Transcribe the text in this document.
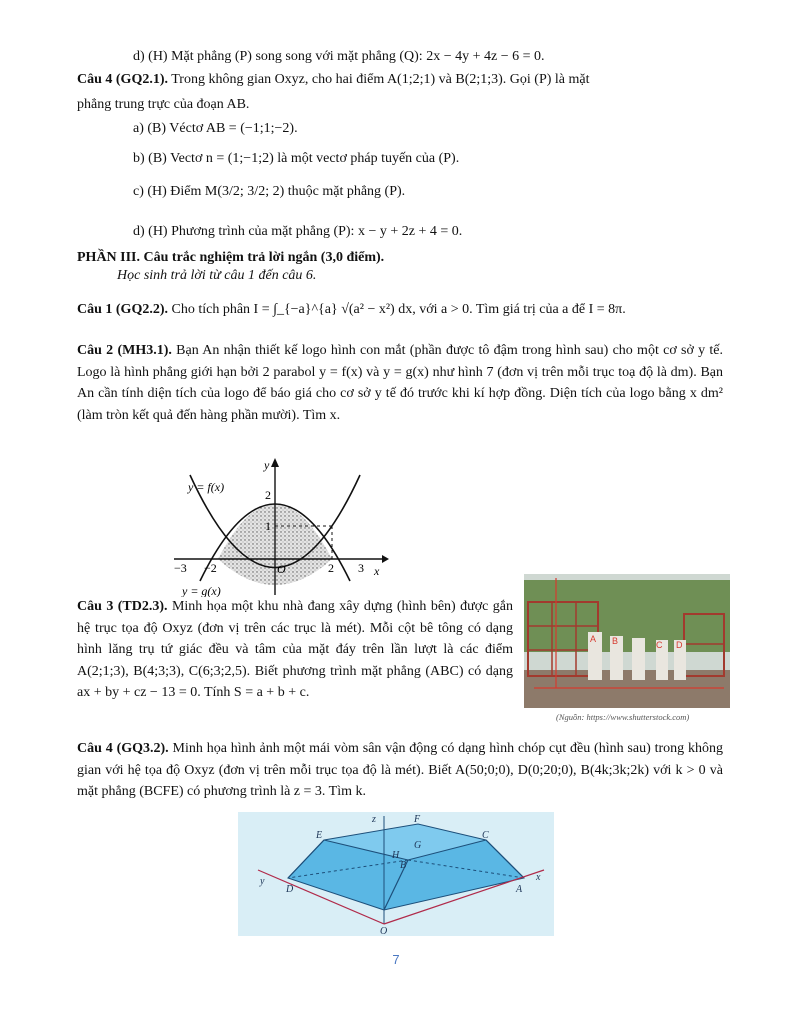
d) (H) Mặt phẳng (P) song song với mặt phẳng (Q): 2x − 4y + 4z − 6 = 0.
Câu 4 (GQ2.1). Trong không gian Oxyz, cho hai điểm A(1;2;1) và B(2;1;3). Gọi (P) là mặt
phẳng trung trực của đoạn AB.
a) (B) Véctơ AB = (−1;1;−2).
b) (B) Vectơ n = (1;−1;2) là một vectơ pháp tuyến của (P).
c) (H) Điểm M(3/2; 3/2; 2) thuộc mặt phẳng (P).
d) (H) Phương trình của mặt phẳng (P): x − y + 2z + 4 = 0.
PHẦN III. Câu trắc nghiệm trả lời ngắn (3,0 điểm).
Học sinh trả lời từ câu 1 đến câu 6.
Câu 1 (GQ2.2). Cho tích phân I = ∫_{−a}^{a} √(a² − x²) dx, với a > 0. Tìm giá trị của a để I = 8π.
Câu 2 (MH3.1). Bạn An nhận thiết kế logo hình con mắt (phần được tô đậm trong hình sau) cho một cơ sở y tế. Logo là hình phẳng giới hạn bởi 2 parabol y = f(x) và y = g(x) như hình 7 (đơn vị trên mỗi trục toạ độ là dm). Bạn An cần tính diện tích của logo để báo giá cho cơ sở y tế đó trước khi kí hợp đồng. Diện tích của logo bằng x dm² (làm tròn kết quả đến hàng phần mười). Tìm x.
y = f(x)
y = g(x)
y
x
O
−3 −2	2 3
1
2
Câu 3 (TD2.3). Minh họa một khu nhà đang xây dựng (hình bên) được gắn hệ trục tọa độ Oxyz (đơn vị trên các trục là mét). Mỗi cột bê tông có dạng hình lăng trụ tứ giác đều và tâm của mặt đáy trên lần lượt là các điểm A(2;1;3), B(4;3;3), C(6;3;2,5). Biết phương trình mặt phẳng (ABC) có dạng ax + by + cz − 13 = 0. Tính S = a + b + c.
A B	C D
(Nguồn: https://www.shutterstock.com)
Câu 4 (GQ3.2). Minh họa hình ảnh một mái vòm sân vận động có dạng hình chóp cụt đều (hình sau) trong không gian với hệ tọa độ Oxyz (đơn vị trên mỗi trục tọa độ là mét). Biết A(50;0;0), D(0;20;0), B(4k;3k;2k) với k > 0 và mặt phẳng (BCFE) có phương trình là z = 3. Tìm k.
z
E
F
G
C
B
H
y
D	A
x
O
7
